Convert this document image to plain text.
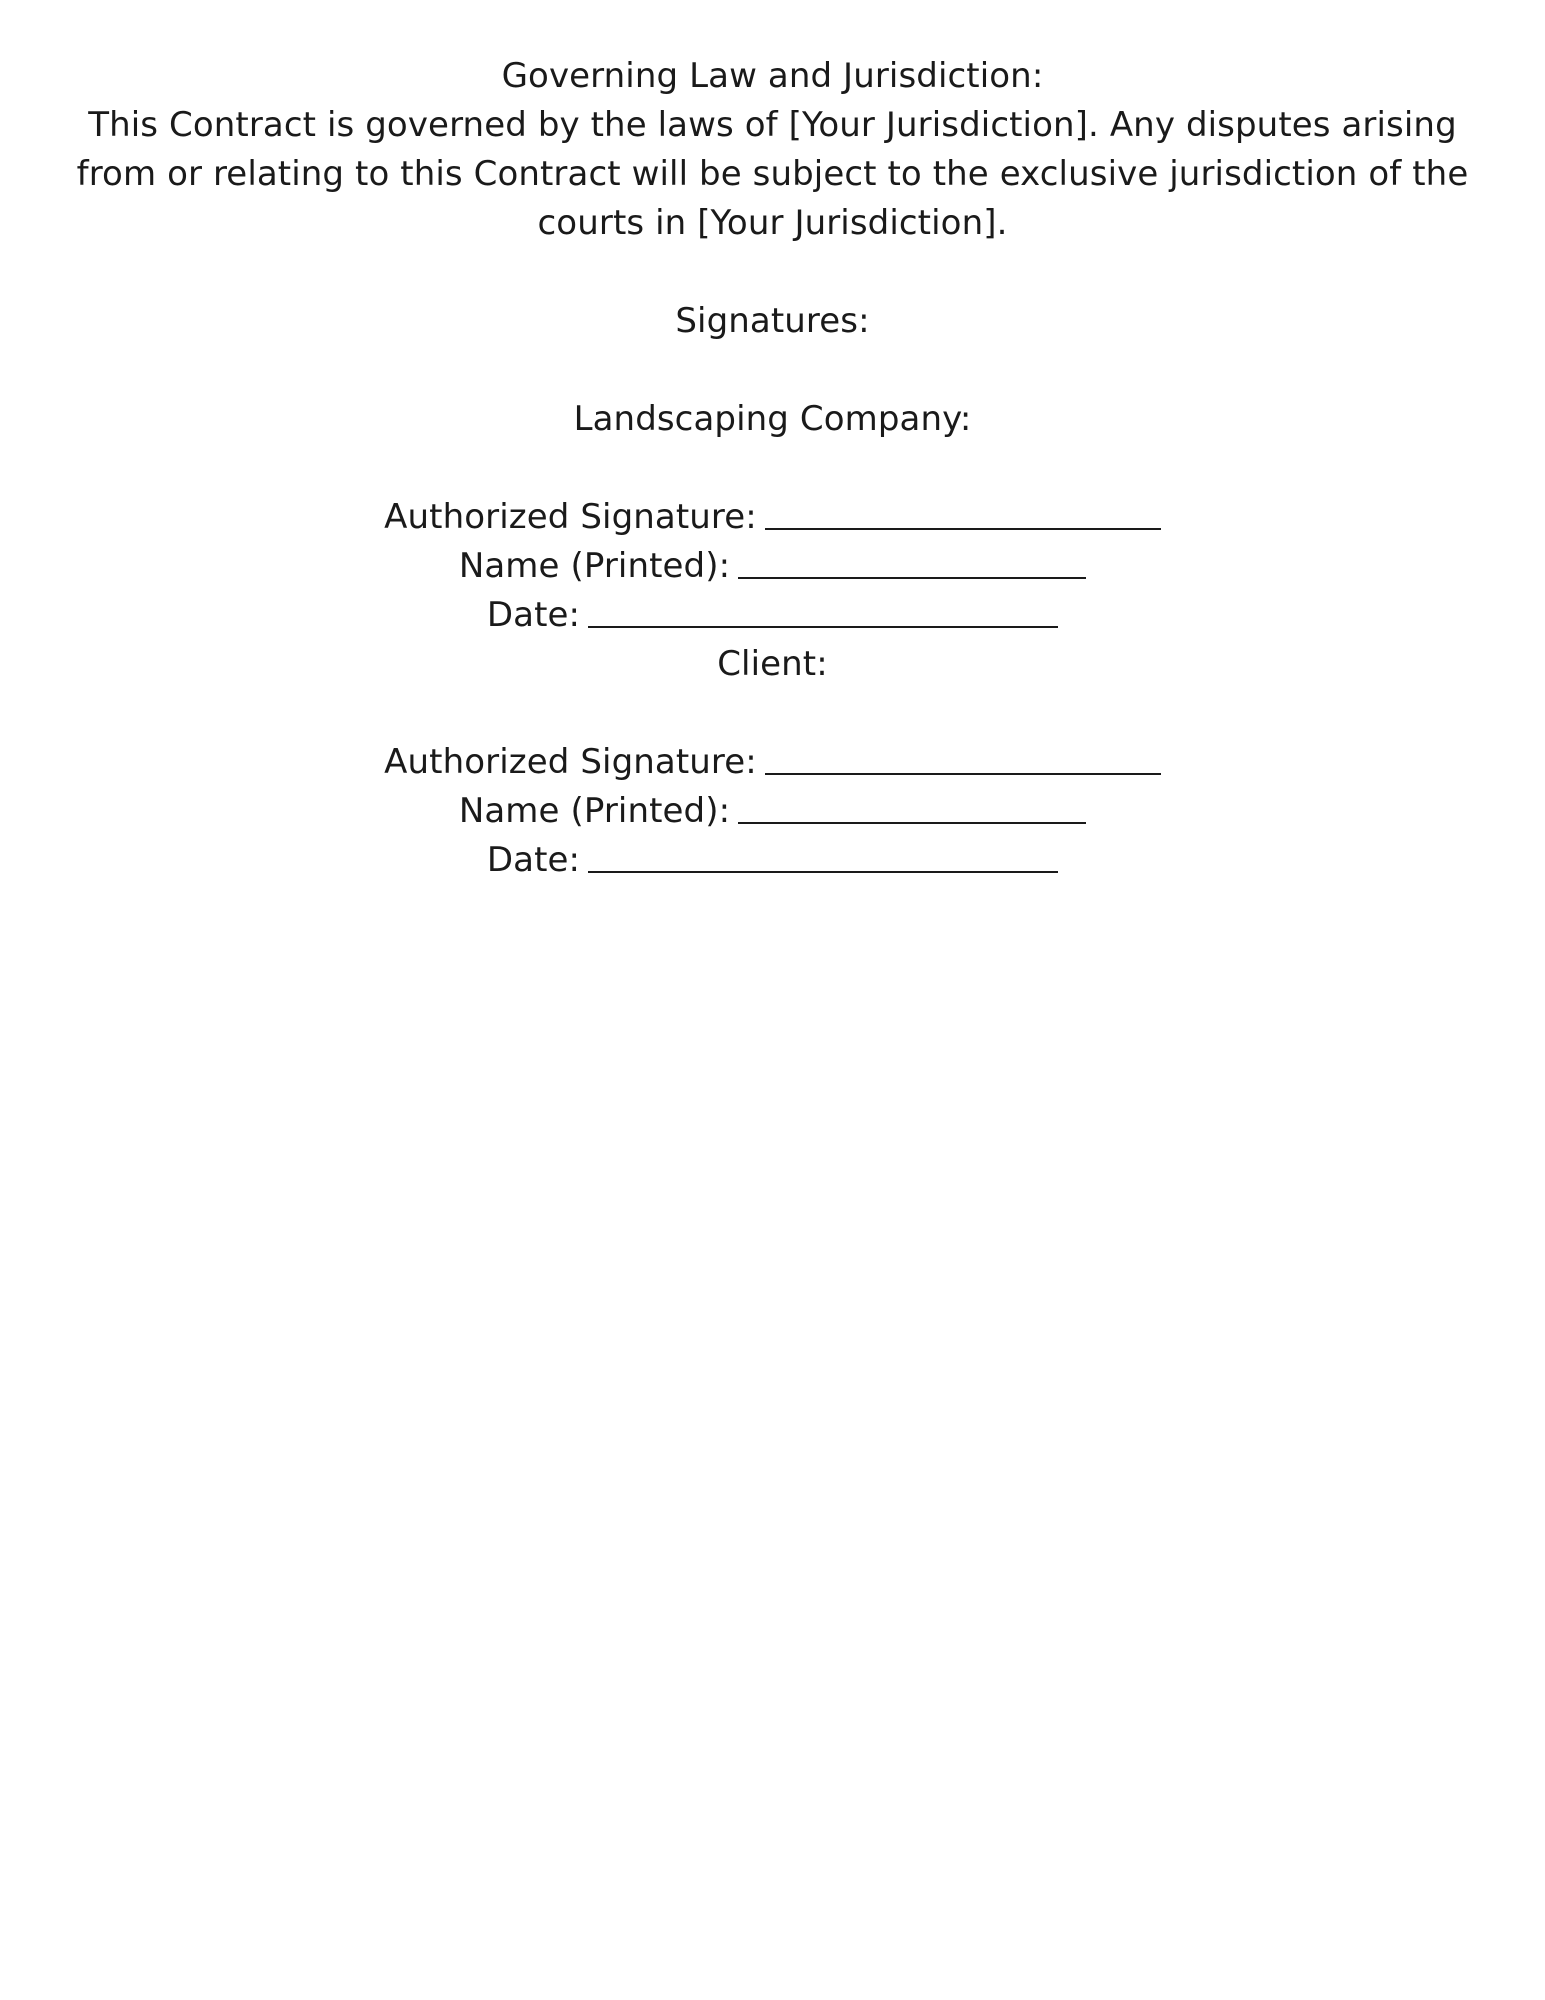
Governing Law and Jurisdiction:
This Contract is governed by the laws of [Your Jurisdiction]. Any disputes arising
from or relating to this Contract will be subject to the exclusive jurisdiction of the
courts in [Your Jurisdiction].
Signatures:
Landscaping Company:
Authorized Signature:
Name (Printed):
Date:
Client:
Authorized Signature:
Name (Printed):
Date:
